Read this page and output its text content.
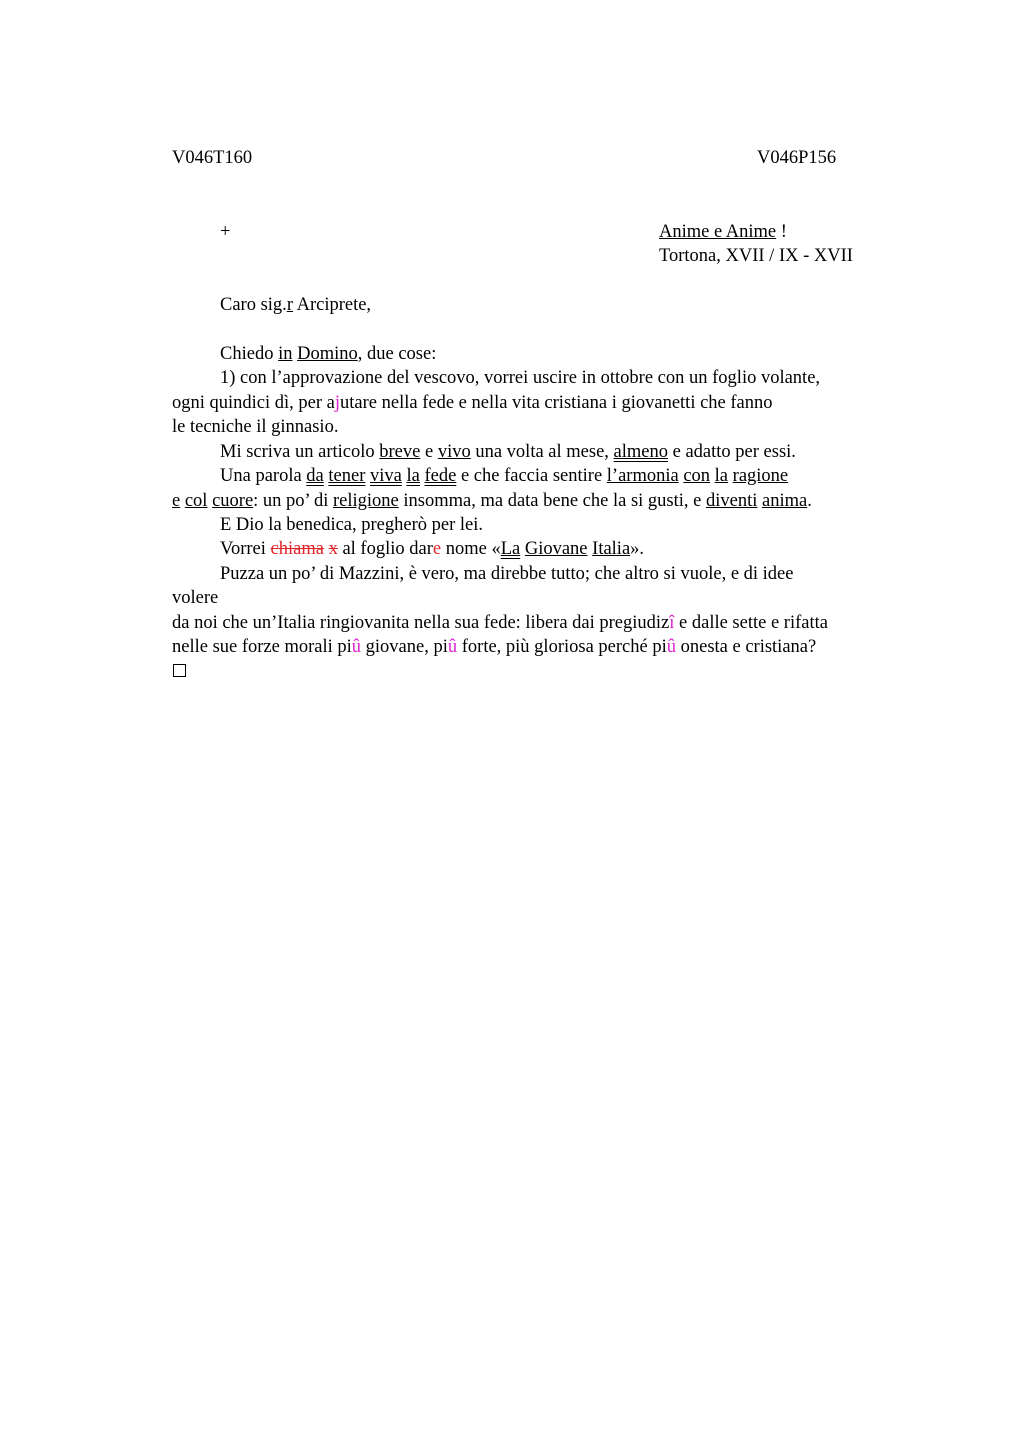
V046T160	V046P156
+	Anime e Anime !
Tortona, XVII / IX - XVII
Caro sig.r Arciprete,
Chiedo in Domino, due cose:
1) con l’approvazione del vescovo, vorrei uscire in ottobre con un foglio volante,
ogni quindici dì, per ajutare nella fede e nella vita cristiana i giovanetti che fanno
le tecniche il ginnasio.
Mi scriva un articolo breve e vivo una volta al mese, almeno e adatto per essi.
Una parola da tener viva la fede e che faccia sentire l’armonia con la ragione
e col cuore: un po’ di religione insomma, ma data bene che la si gusti, e diventi anima.
E Dio la benedica, pregherò per lei.
Vorrei chiama x al foglio dare nome «La Giovane Italia».
Puzza un po’ di Mazzini, è vero, ma direbbe tutto; che altro si vuole, e di idee
volere
da noi che un’Italia ringiovanita nella sua fede: libera dai pregiudizî e dalle sette e rifatta
nelle sue forze morali piû giovane, piû forte, più gloriosa perché piû onesta e cristiana?
